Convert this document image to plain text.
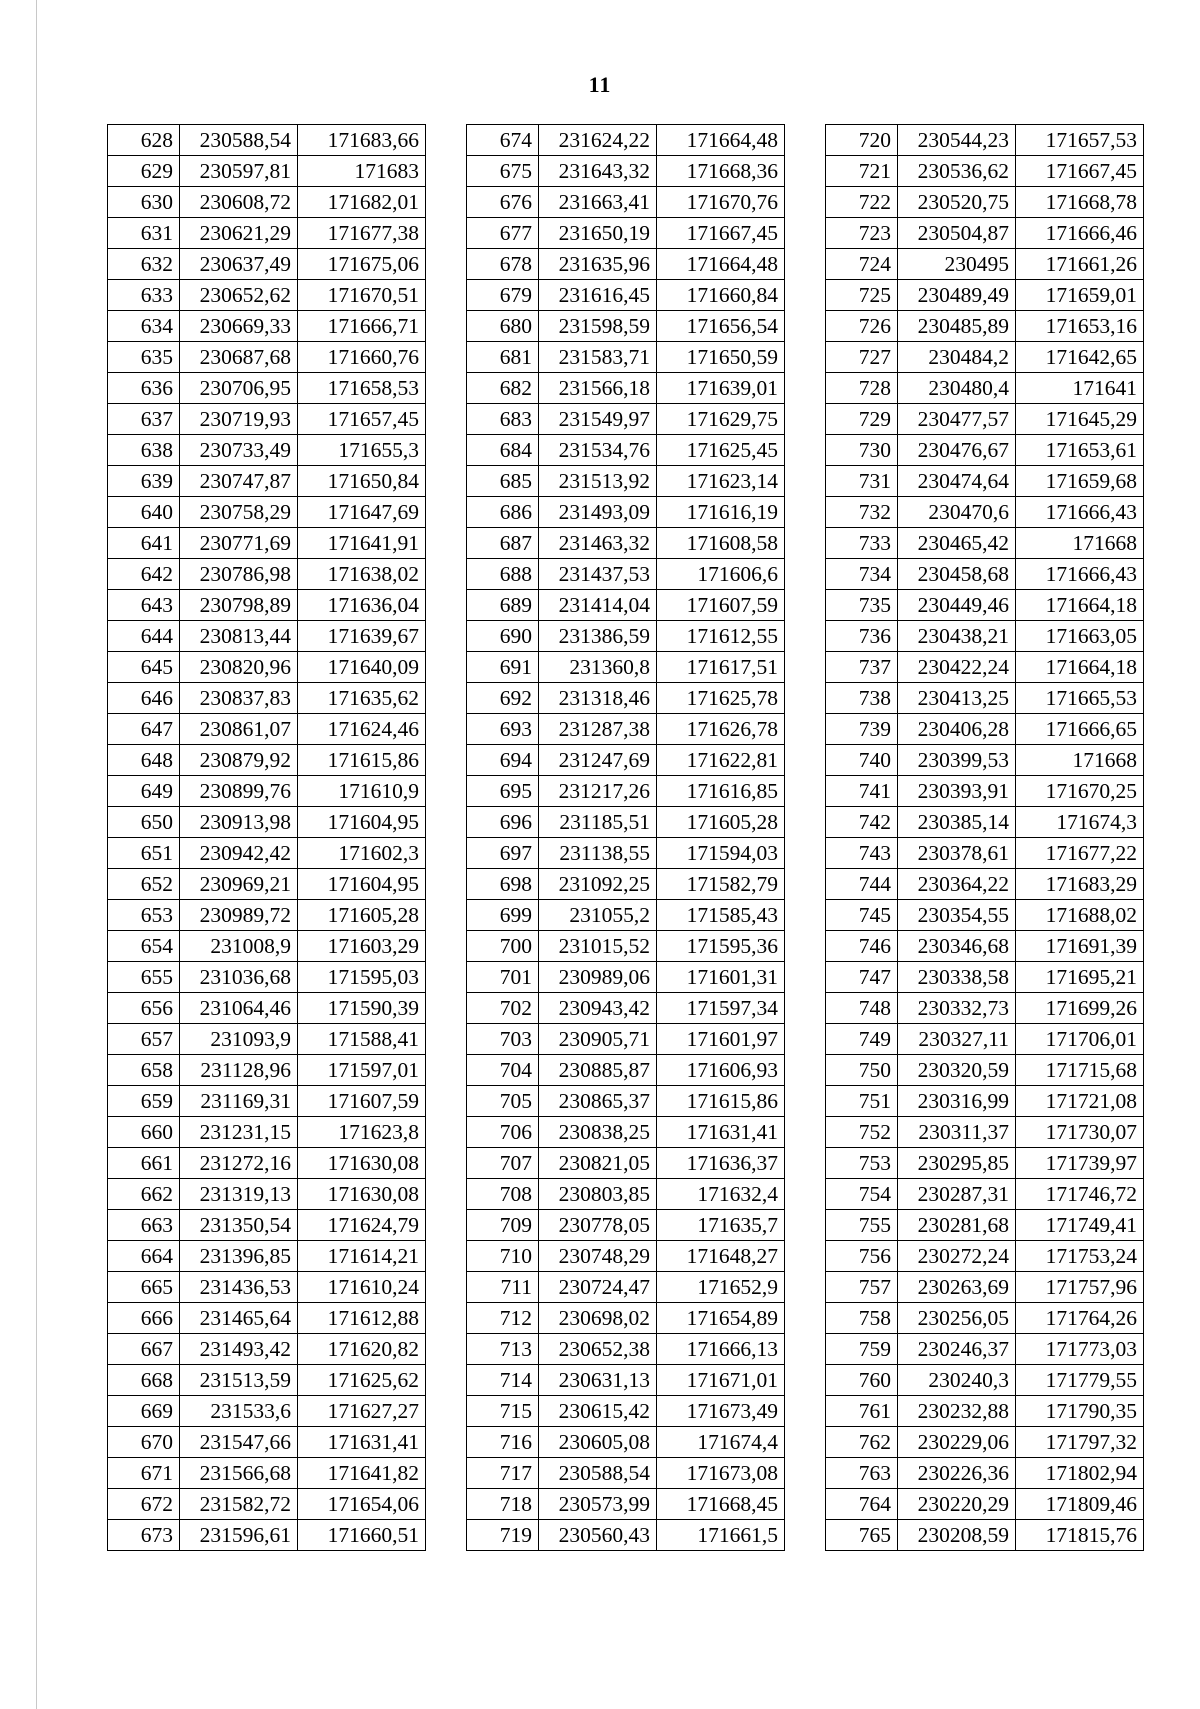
11
628	230588,54	171683,66
629	230597,81	171683
630	230608,72	171682,01
631	230621,29	171677,38
632	230637,49	171675,06
633	230652,62	171670,51
634	230669,33	171666,71
635	230687,68	171660,76
636	230706,95	171658,53
637	230719,93	171657,45
638	230733,49	171655,3
639	230747,87	171650,84
640	230758,29	171647,69
641	230771,69	171641,91
642	230786,98	171638,02
643	230798,89	171636,04
644	230813,44	171639,67
645	230820,96	171640,09
646	230837,83	171635,62
647	230861,07	171624,46
648	230879,92	171615,86
649	230899,76	171610,9
650	230913,98	171604,95
651	230942,42	171602,3
652	230969,21	171604,95
653	230989,72	171605,28
654	231008,9	171603,29
655	231036,68	171595,03
656	231064,46	171590,39
657	231093,9	171588,41
658	231128,96	171597,01
659	231169,31	171607,59
660	231231,15	171623,8
661	231272,16	171630,08
662	231319,13	171630,08
663	231350,54	171624,79
664	231396,85	171614,21
665	231436,53	171610,24
666	231465,64	171612,88
667	231493,42	171620,82
668	231513,59	171625,62
669	231533,6	171627,27
670	231547,66	171631,41
671	231566,68	171641,82
672	231582,72	171654,06
673	231596,61	171660,51
674	231624,22	171664,48
675	231643,32	171668,36
676	231663,41	171670,76
677	231650,19	171667,45
678	231635,96	171664,48
679	231616,45	171660,84
680	231598,59	171656,54
681	231583,71	171650,59
682	231566,18	171639,01
683	231549,97	171629,75
684	231534,76	171625,45
685	231513,92	171623,14
686	231493,09	171616,19
687	231463,32	171608,58
688	231437,53	171606,6
689	231414,04	171607,59
690	231386,59	171612,55
691	231360,8	171617,51
692	231318,46	171625,78
693	231287,38	171626,78
694	231247,69	171622,81
695	231217,26	171616,85
696	231185,51	171605,28
697	231138,55	171594,03
698	231092,25	171582,79
699	231055,2	171585,43
700	231015,52	171595,36
701	230989,06	171601,31
702	230943,42	171597,34
703	230905,71	171601,97
704	230885,87	171606,93
705	230865,37	171615,86
706	230838,25	171631,41
707	230821,05	171636,37
708	230803,85	171632,4
709	230778,05	171635,7
710	230748,29	171648,27
711	230724,47	171652,9
712	230698,02	171654,89
713	230652,38	171666,13
714	230631,13	171671,01
715	230615,42	171673,49
716	230605,08	171674,4
717	230588,54	171673,08
718	230573,99	171668,45
719	230560,43	171661,5
720	230544,23	171657,53
721	230536,62	171667,45
722	230520,75	171668,78
723	230504,87	171666,46
724	230495	171661,26
725	230489,49	171659,01
726	230485,89	171653,16
727	230484,2	171642,65
728	230480,4	171641
729	230477,57	171645,29
730	230476,67	171653,61
731	230474,64	171659,68
732	230470,6	171666,43
733	230465,42	171668
734	230458,68	171666,43
735	230449,46	171664,18
736	230438,21	171663,05
737	230422,24	171664,18
738	230413,25	171665,53
739	230406,28	171666,65
740	230399,53	171668
741	230393,91	171670,25
742	230385,14	171674,3
743	230378,61	171677,22
744	230364,22	171683,29
745	230354,55	171688,02
746	230346,68	171691,39
747	230338,58	171695,21
748	230332,73	171699,26
749	230327,11	171706,01
750	230320,59	171715,68
751	230316,99	171721,08
752	230311,37	171730,07
753	230295,85	171739,97
754	230287,31	171746,72
755	230281,68	171749,41
756	230272,24	171753,24
757	230263,69	171757,96
758	230256,05	171764,26
759	230246,37	171773,03
760	230240,3	171779,55
761	230232,88	171790,35
762	230229,06	171797,32
763	230226,36	171802,94
764	230220,29	171809,46
765	230208,59	171815,76
